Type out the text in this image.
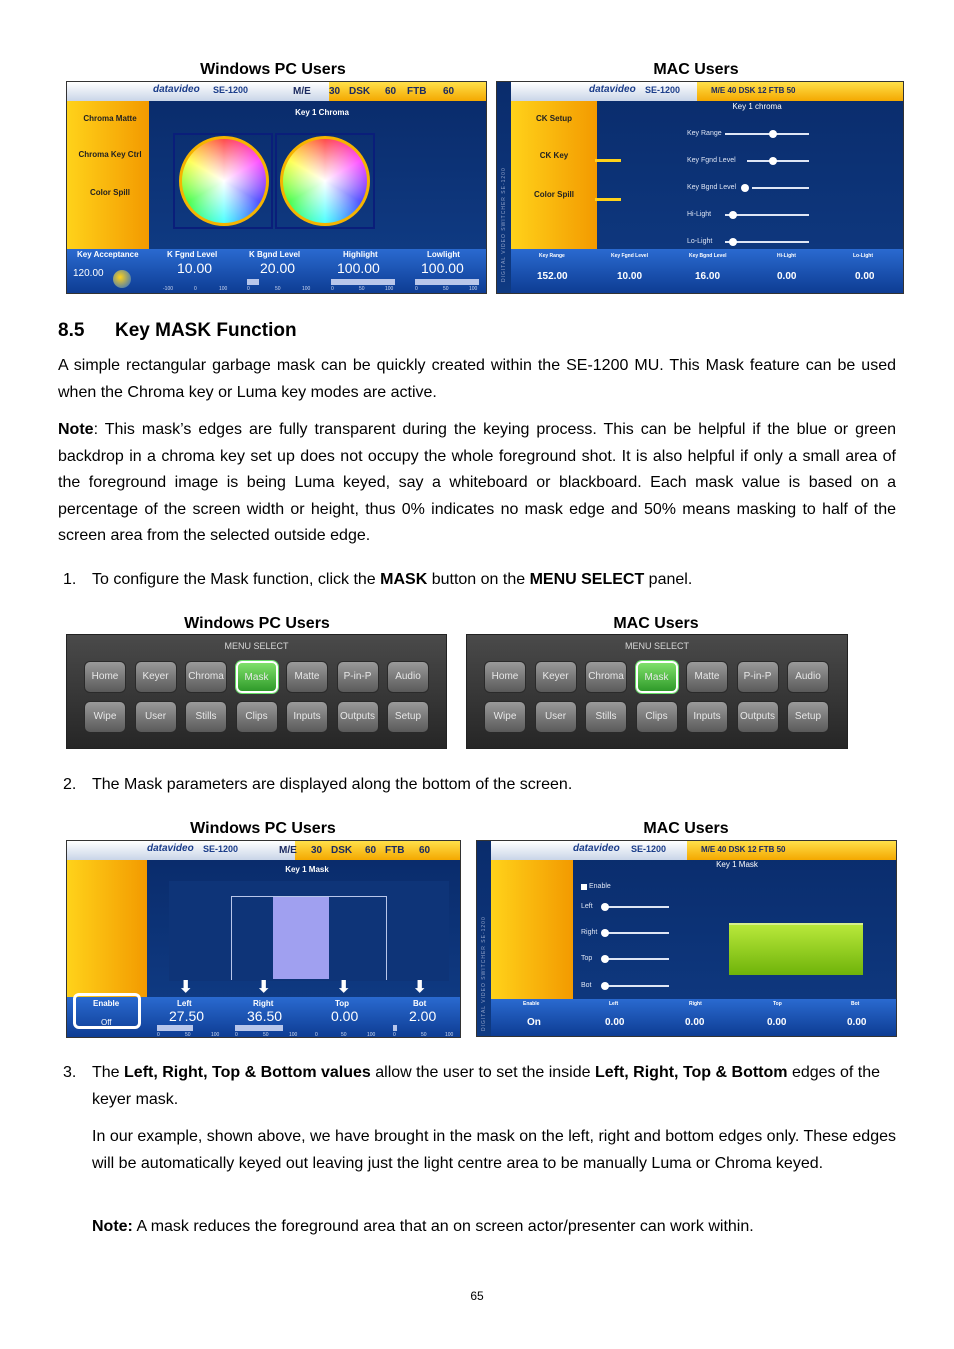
Windows PC Users	MAC Users
datavideo SE-1200	M/E 30 DSK 60 FTB 60
Chroma Matte
Chroma Key Ctrl
Color Spill
Key 1 Chroma
Key Acceptance	K Fgnd Level	K Bgnd Level	Highlight	Lowlight
120.00	10.00	20.00	100.00	100.00
-100	0	100	0	50	100	0	50	100	0	50	100
DIGITAL VIDEO SWITCHER SE-1200
datavideo SE-1200	M/E 40 DSK 12 FTB 50
CK Setup
CK Key
Color Spill
Key 1 chroma
Key Range
Key Fgnd Level
Key Bgnd Level
Hi-Light
Lo-Light
Key Range	Key Fgnd Level	Key Bgnd Level	Hi-Light	Lo-Light
152.00	10.00	16.00	0.00	0.00
8.5 Key MASK Function
A simple rectangular garbage mask can be quickly created within the SE-1200 MU. This Mask feature can be used when the Chroma key or Luma key modes are active.
Note: This mask’s edges are fully transparent during the keying process. This can be helpful if the blue or green backdrop in a chroma key set up does not occupy the whole foreground shot. It is also helpful if only a small area of the foreground image is being Luma keyed, say a whiteboard or blackboard. Each mask value is based on a percentage of the screen width or height, thus 0% indicates no mask edge and 50% means masking to half of the screen area from the selected outside edge.
1. To configure the Mask function, click the MASK button on the MENU SELECT panel.
Windows PC Users	MAC Users
MENU SELECT
Home	Keyer	Chroma	Mask	Matte	P-in-P	Audio
Wipe	User	Stills	Clips	Inputs	Outputs	Setup
MENU SELECT
Home	Keyer	Chroma	Mask	Matte	P-in-P	Audio
Wipe	User	Stills	Clips	Inputs	Outputs	Setup
2. The Mask parameters are displayed along the bottom of the screen.
Windows PC Users	MAC Users
datavideo SE-1200	M/E 30 DSK 60 FTB 60
Key 1 Mask
⬇	⬇	⬇	⬇
Enable	Left	Right	Top	Bot
Off	27.50	36.50	0.00	2.00
0	50	100	0	50	100	0	50	100	0	50	100
DIGITAL VIDEO SWITCHER SE-1200
datavideo SE-1200	M/E 40 DSK 12 FTB 50
Key 1 Mask
Enable
Left
Right
Top
Bot
Enable	Left	Right	Top	Bot
On	0.00	0.00	0.00	0.00
3. The Left, Right, Top & Bottom values allow the user to set the inside Left, Right, Top & Bottom edges of the keyer mask.
In our example, shown above, we have brought in the mask on the left, right and bottom edges only. These edges will be automatically keyed out leaving just the light centre area to be manually Luma or Chroma keyed.
Note: A mask reduces the foreground area that an on screen actor/presenter can work within.
65
